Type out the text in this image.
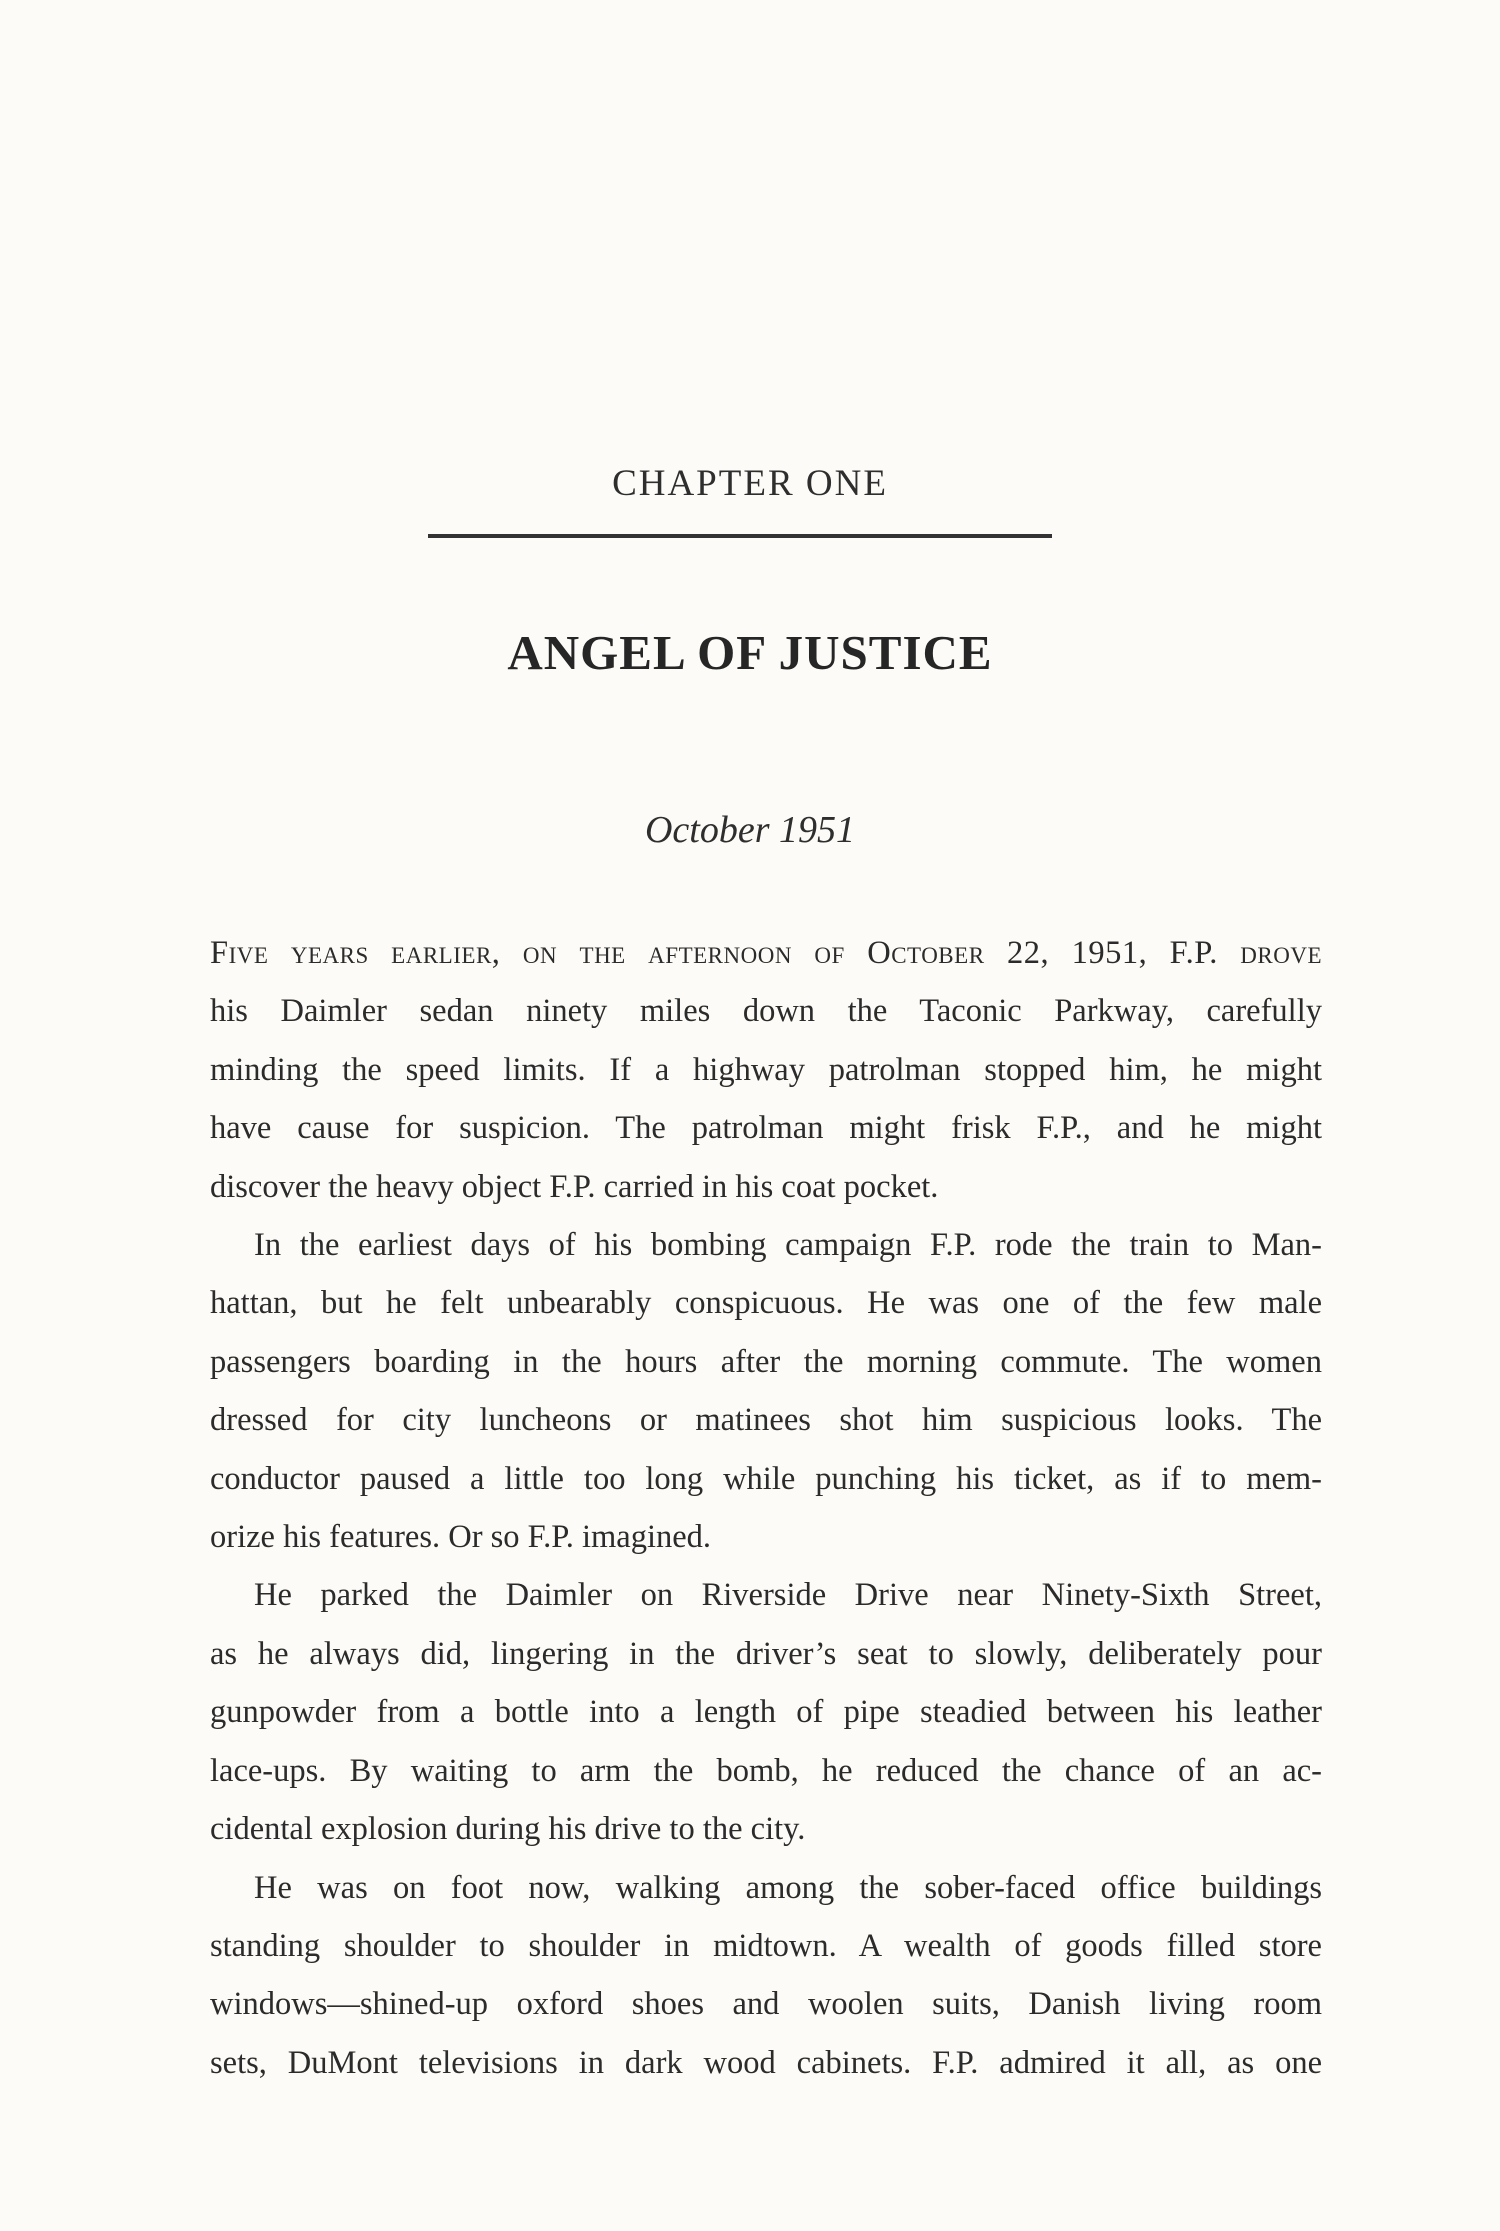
CHAPTER ONE
ANGEL OF JUSTICE
October 1951
Five years earlier, on the afternoon of October 22, 1951, F.P. drove
his Daimler sedan ninety miles down the Taconic Parkway, carefully
minding the speed limits. If a highway patrolman stopped him, he might
have cause for suspicion. The patrolman might frisk F.P., and he might
discover the heavy object F.P. carried in his coat pocket.
In the earliest days of his bombing campaign F.P. rode the train to Man-
hattan, but he felt unbearably conspicuous. He was one of the few male
passengers boarding in the hours after the morning commute. The women
dressed for city luncheons or matinees shot him suspicious looks. The
conductor paused a little too long while punching his ticket, as if to mem-
orize his features. Or so F.P. imagined.
He parked the Daimler on Riverside Drive near Ninety-Sixth Street,
as he always did, lingering in the driver’s seat to slowly, deliberately pour
gunpowder from a bottle into a length of pipe steadied between his leather
lace-ups. By waiting to arm the bomb, he reduced the chance of an ac-
cidental explosion during his drive to the city.
He was on foot now, walking among the sober-faced office buildings
standing shoulder to shoulder in midtown. A wealth of goods filled store
windows—shined-up oxford shoes and woolen suits, Danish living room
sets, DuMont televisions in dark wood cabinets. F.P. admired it all, as one
